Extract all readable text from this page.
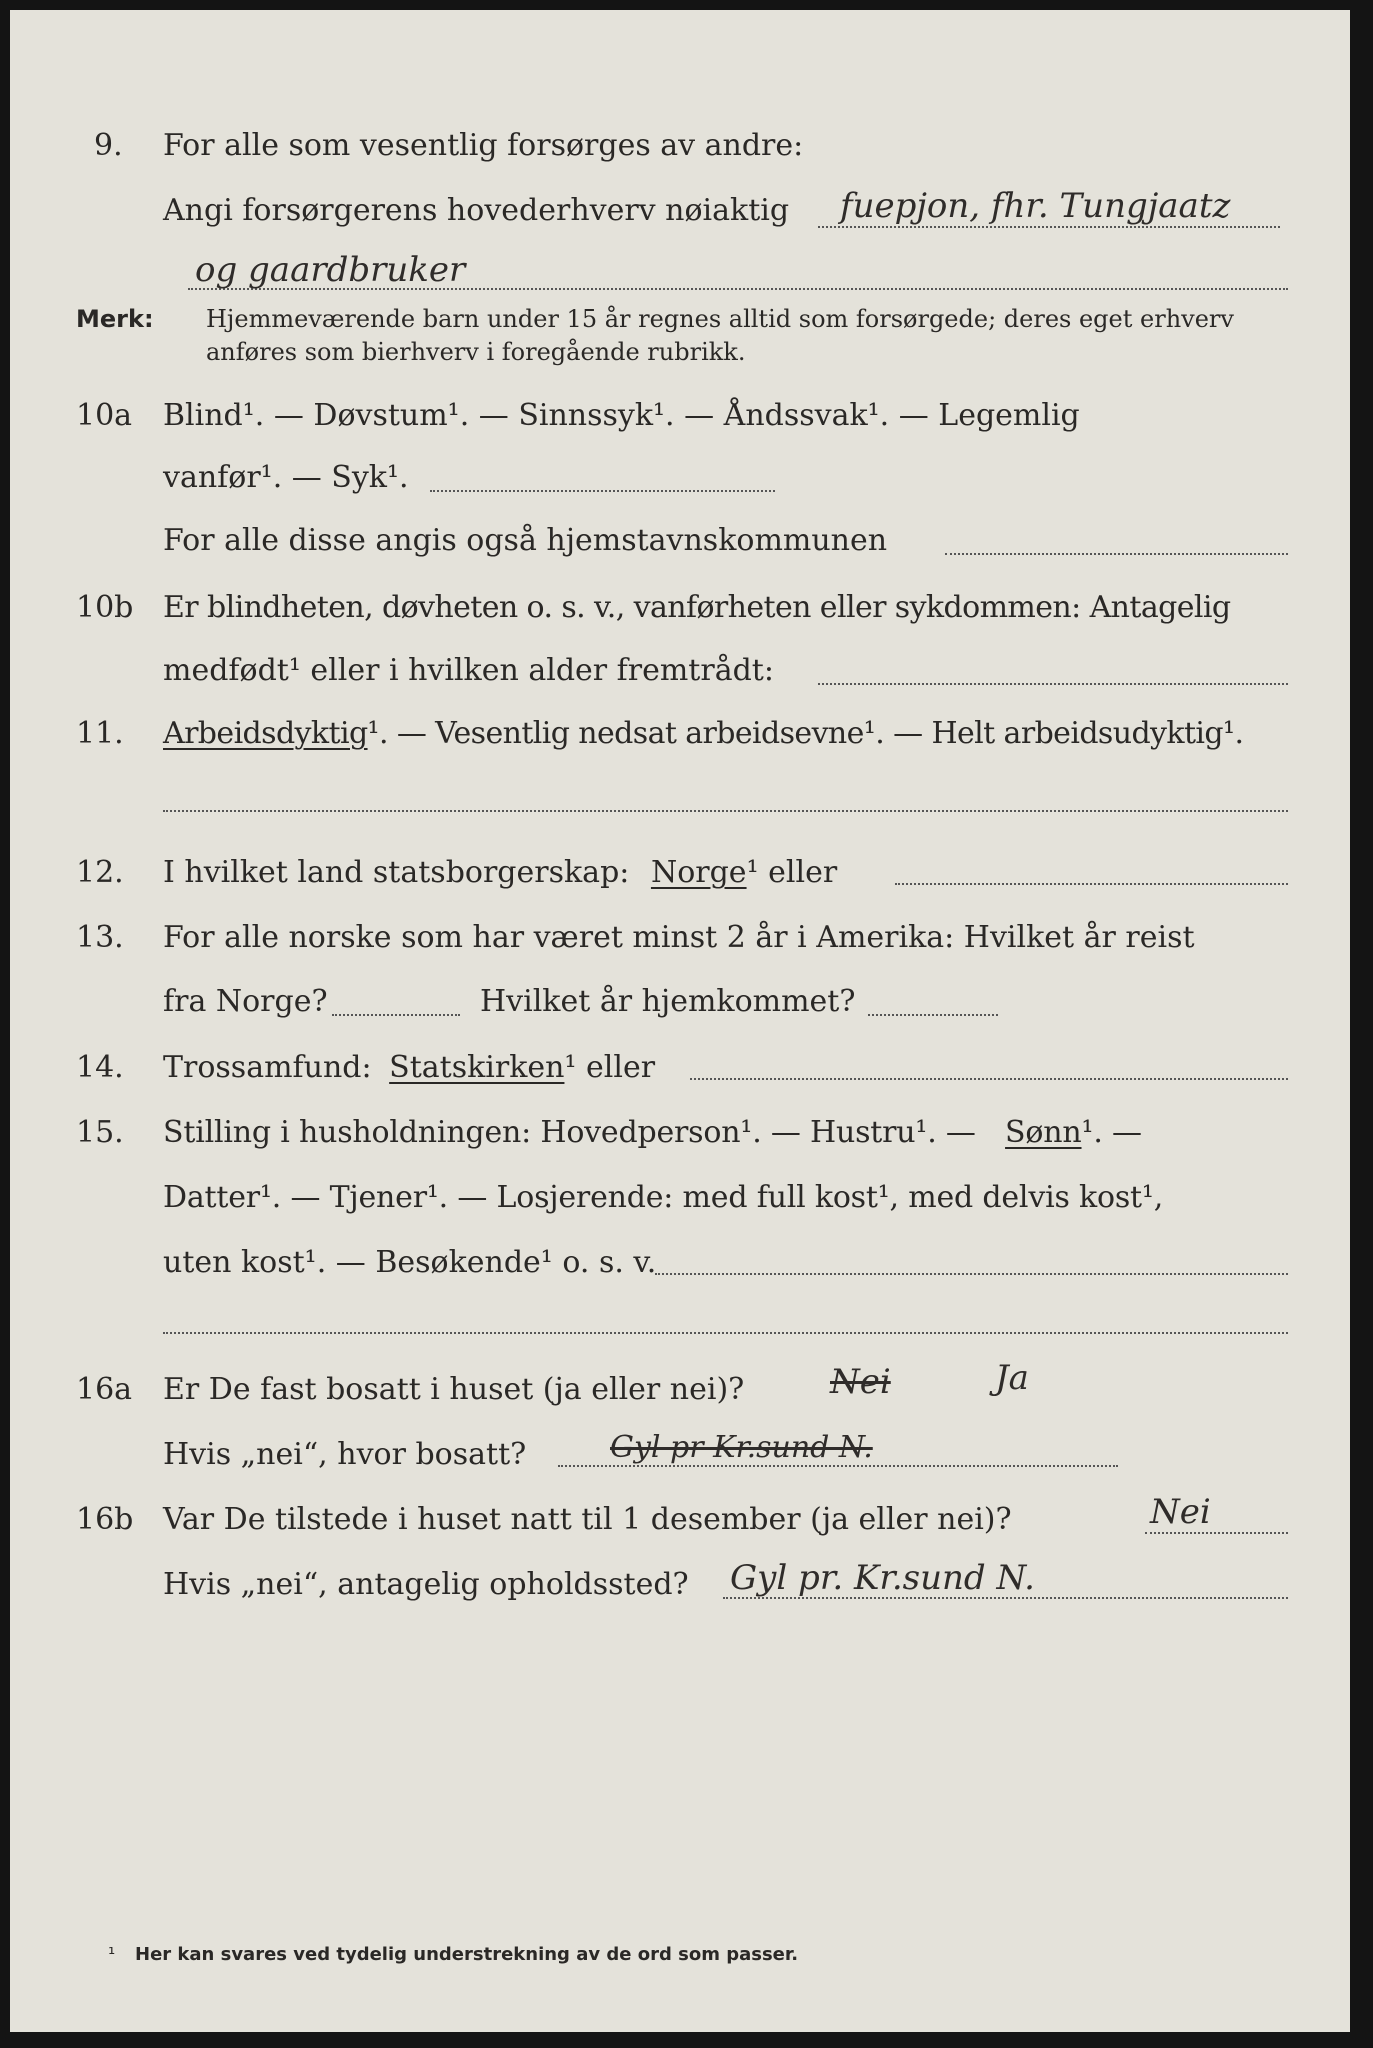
9. For alle som vesentlig forsørges av andre:
Angi forsørgerens hovederhverv nøiaktig fuepjon, fhr. Tungjaatz
og gaardbruker
Merk: Hjemmeværende barn under 15 år regnes alltid som forsørgede; deres eget erhverv
anføres som bierhverv i foregående rubrikk.
10a Blind¹. — Døvstum¹. — Sinnssyk¹. — Åndssvak¹. — Legemlig
vanfør¹. — Syk¹.
For alle disse angis også hjemstavnskommunen
10b Er blindheten, døvheten o. s. v., vanførheten eller sykdommen: Antagelig
medfødt¹ eller i hvilken alder fremtrådt:
11. Arbeidsdyktig¹. — Vesentlig nedsat arbeidsevne¹. — Helt arbeidsudyktig¹.
12. I hvilket land statsborgerskap: Norge¹ eller
13. For alle norske som har været minst 2 år i Amerika: Hvilket år reist
fra Norge?	Hvilket år hjemkommet?
14. Trossamfund: Statskirken¹ eller
15. Stilling i husholdningen: Hovedperson¹. — Hustru¹. — Sønn¹. —
Datter¹. — Tjener¹. — Losjerende: med full kost¹, med delvis kost¹,
uten kost¹. — Besøkende¹ o. s. v.
16a Er De fast bosatt i huset (ja eller nei)?	Nei	Ja
Hvis „nei“, hvor bosatt?	Gyl pr Kr.sund N.
16b Var De tilstede i huset natt til 1 desember (ja eller nei)?	Nei
Hvis „nei“, antagelig opholdssted? Gyl pr. Kr.sund N.
¹ Her kan svares ved tydelig understrekning av de ord som passer.
